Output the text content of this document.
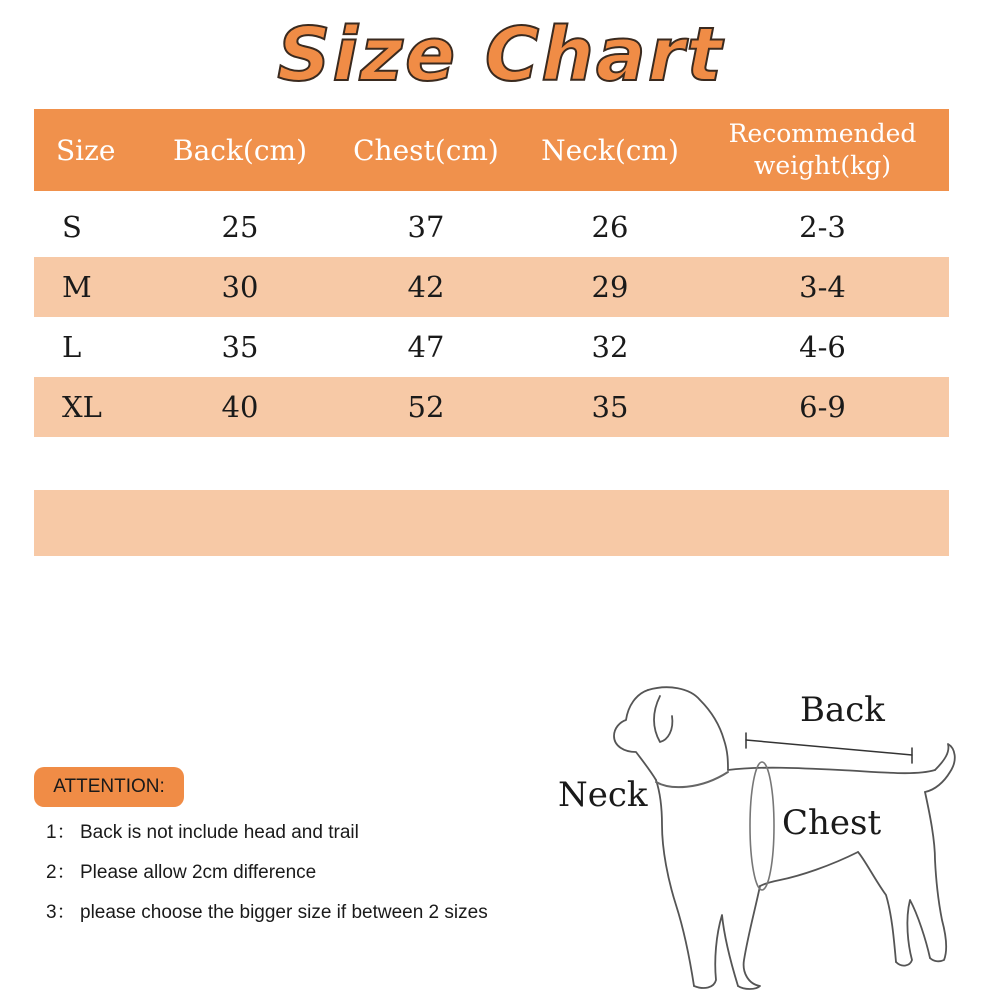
Size Chart
Size	Back(cm)	Chest(cm)	Neck(cm)	Recommended
weight(kg)
S	25	37	26	2-3
M	30	42	29	3-4
L	35	47	32	4-6
XL	40	52	35	6-9
ATTENTION:
1： Back is not include head and trail
2： Please allow 2cm difference
3： please choose the bigger size if between 2 sizes
Back
Neck
Chest
